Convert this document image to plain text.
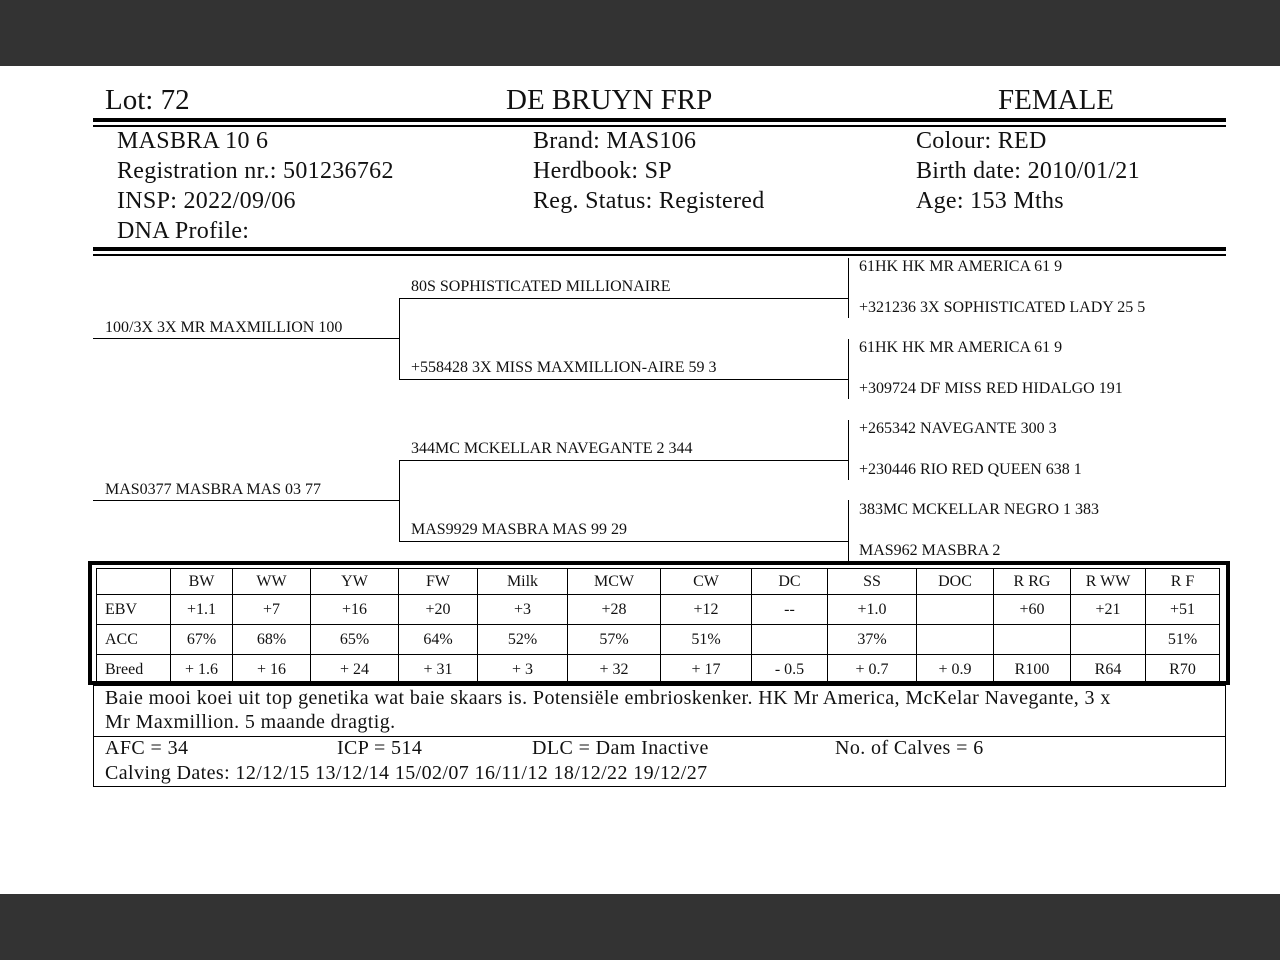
Lot: 72	DE BRUYN FRP	FEMALE
MASBRA 10 6
Registration nr.: 501236762
INSP: 2022/09/06
DNA Profile:
Brand: MAS106
Herdbook: SP
Reg. Status: Registered
Colour: RED
Birth date: 2010/01/21
Age: 153 Mths
100/3X 3X MR MAXMILLION 100
MAS0377 MASBRA MAS 03 77
80S SOPHISTICATED MILLIONAIRE
+558428 3X MISS MAXMILLION-AIRE 59 3
344MC MCKELLAR NAVEGANTE 2 344
MAS9929 MASBRA MAS 99 29
61HK HK MR AMERICA 61 9
+321236 3X SOPHISTICATED LADY 25 5
61HK HK MR AMERICA 61 9
+309724 DF MISS RED HIDALGO 191
+265342 NAVEGANTE 300 3
+230446 RIO RED QUEEN 638 1
383MC MCKELLAR NEGRO 1 383
MAS962 MASBRA 2
	BW	WW	YW	FW	Milk	MCW	CW	DC	SS	DOC	R RG	R WW	R F
EBV	+1.1	+7	+16	+20	+3	+28	+12	--	+1.0		+60	+21	+51
ACC	67%	68%	65%	64%	52%	57%	51%		37%				51%
Breed	+ 1.6	+ 16	+ 24	+ 31	+ 3	+ 32	+ 17	- 0.5	+ 0.7	+ 0.9	R100	R64	R70
Baie mooi koei uit top genetika wat baie skaars is. Potensiële embrioskenker. HK Mr America, McKelar Navegante, 3 x
Mr Maxmillion. 5 maande dragtig.
AFC = 34	ICP = 514	DLC = Dam Inactive	No. of Calves = 6
Calving Dates: 12/12/15 13/12/14 15/02/07 16/11/12 18/12/22 19/12/27
